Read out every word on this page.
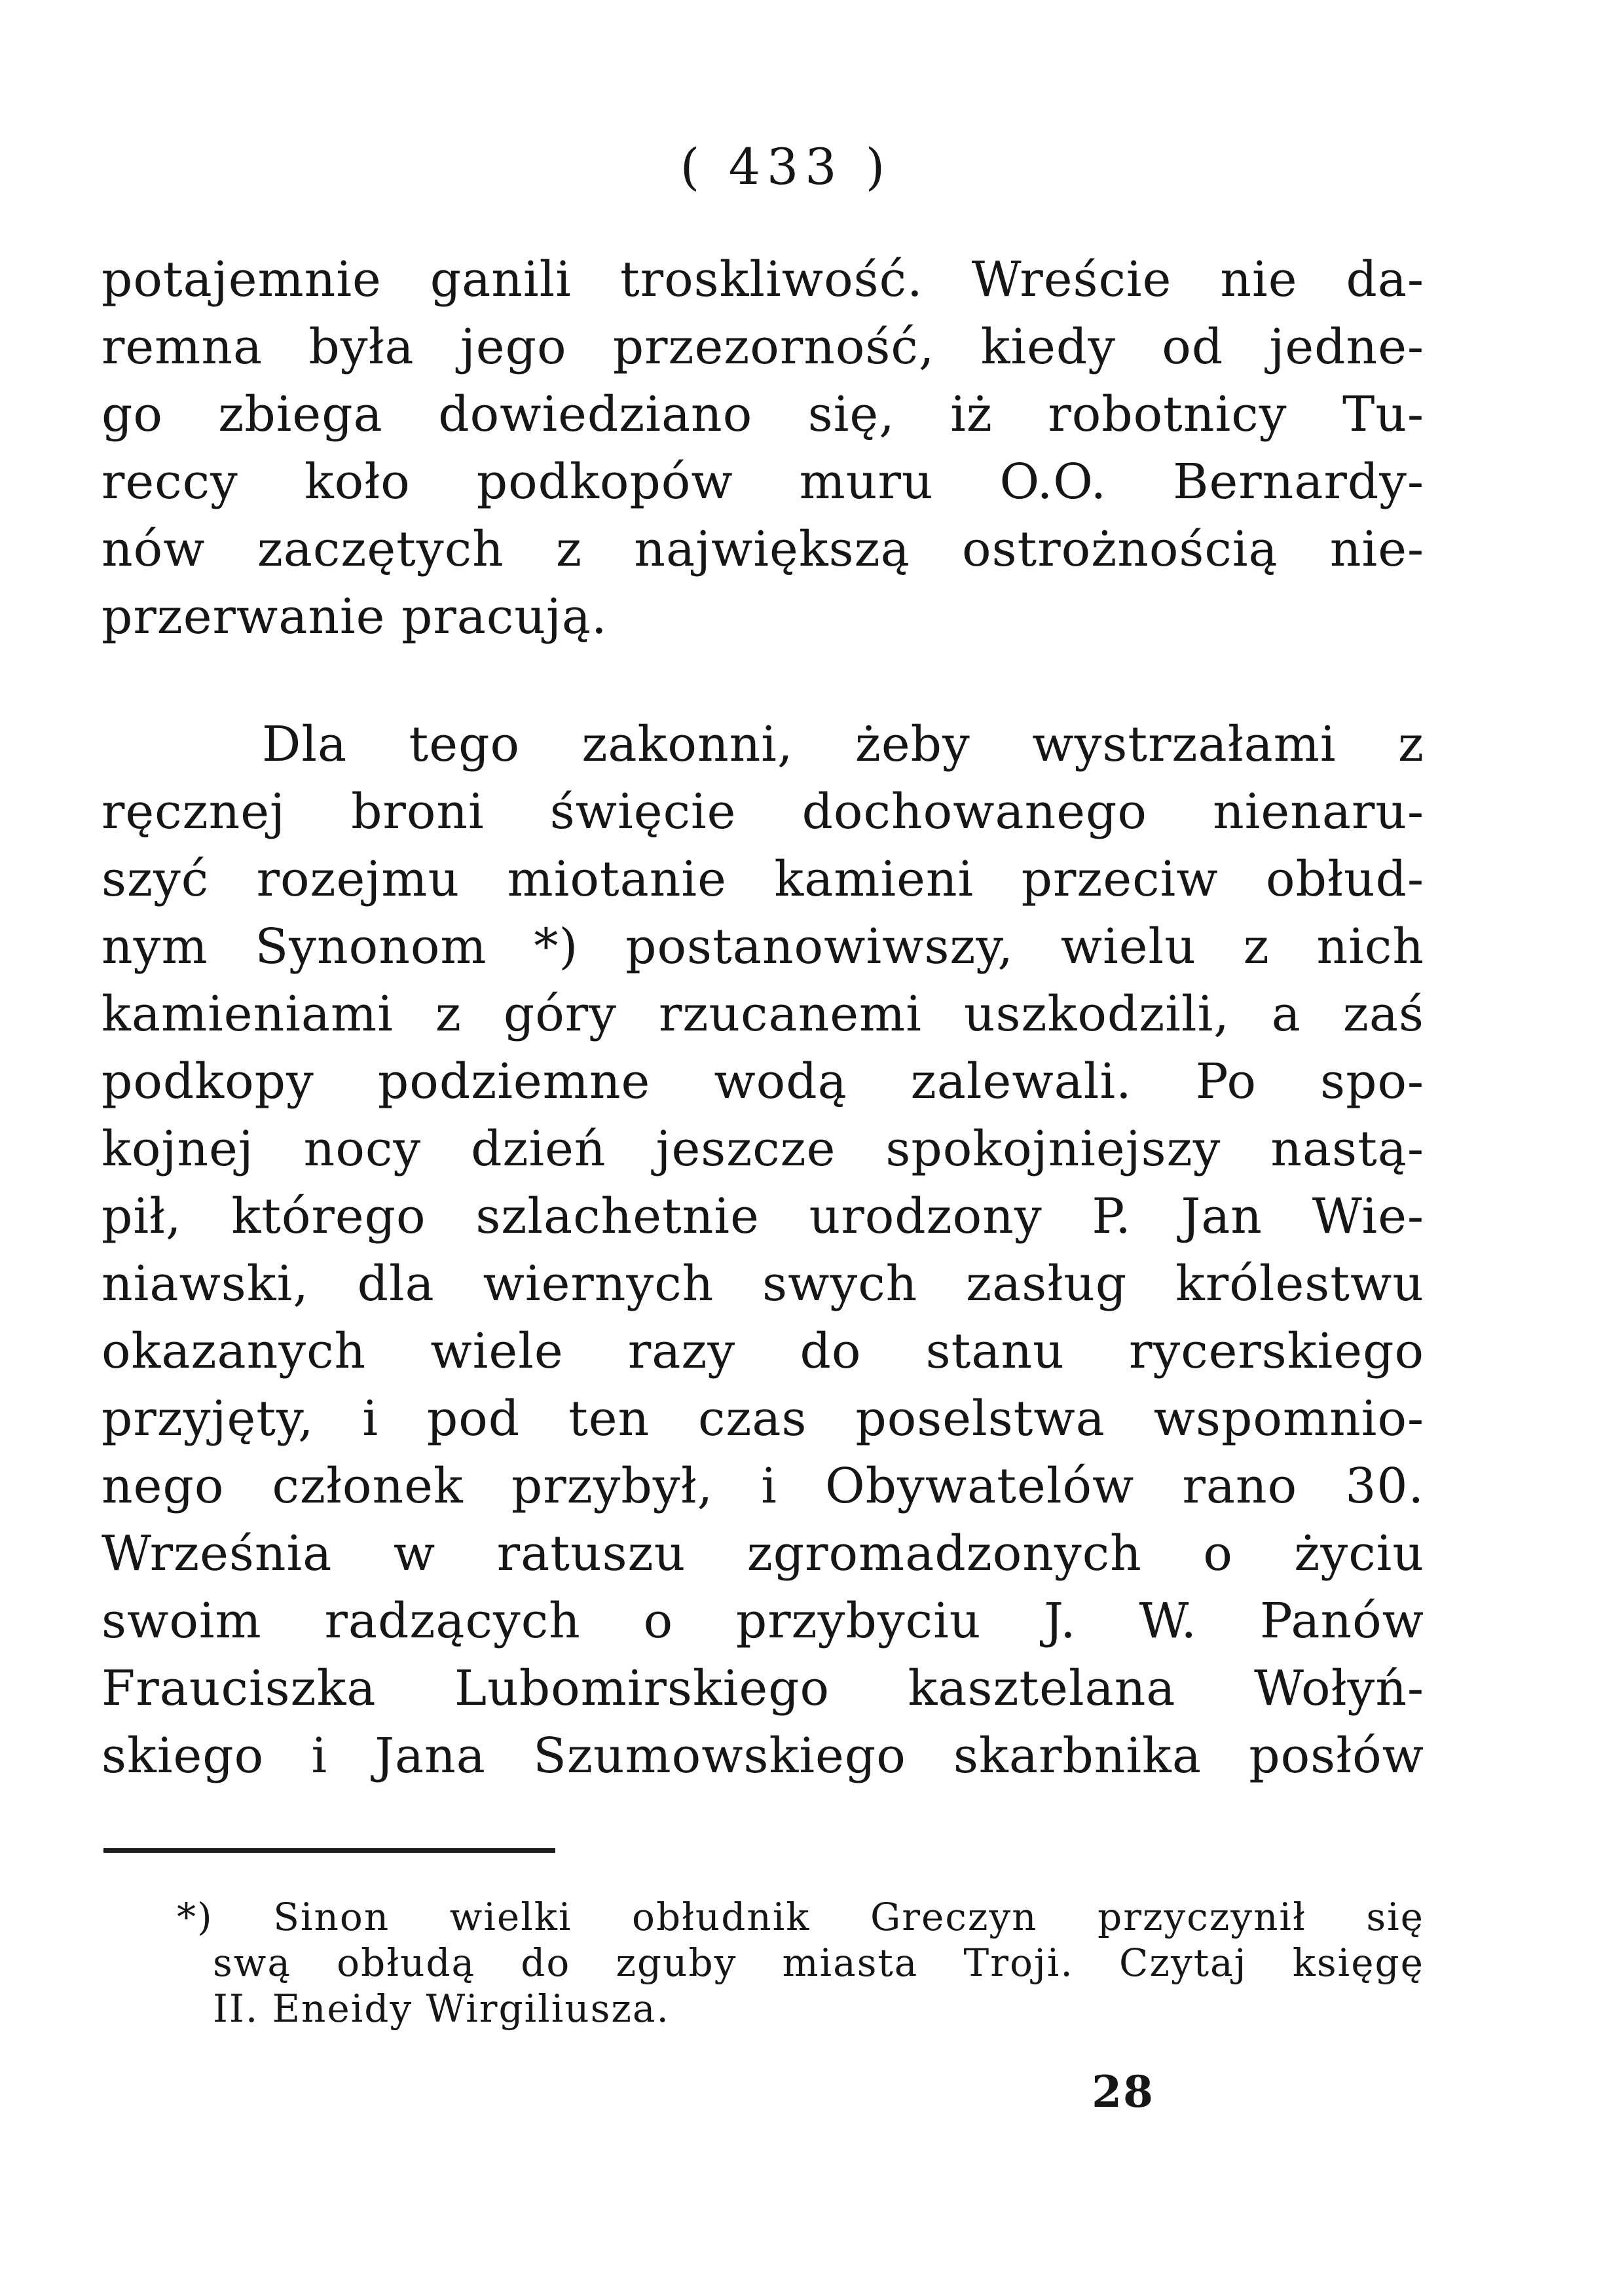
( 433 )
potajemnie ganili troskliwość. Wreście nie da-
remna była jego przezorność, kiedy od jedne-
go zbiega dowiedziano się, iż robotnicy Tu-
reccy koło podkopów muru O.O. Bernardy-
nów zaczętych z największą ostrożnością nie-
przerwanie pracują.
Dla tego zakonni, żeby wystrzałami z
ręcznej broni święcie dochowanego nienaru-
szyć rozejmu miotanie kamieni przeciw obłud-
nym Synonom *) postanowiwszy, wielu z nich
kamieniami z góry rzucanemi uszkodzili, a zaś
podkopy podziemne wodą zalewali. Po spo-
kojnej nocy dzień jeszcze spokojniejszy nastą-
pił, którego szlachetnie urodzony P. Jan Wie-
niawski, dla wiernych swych zasług królestwu
okazanych wiele razy do stanu rycerskiego
przyjęty, i pod ten czas poselstwa wspomnio-
nego członek przybył, i Obywatelów rano 30.
Września w ratuszu zgromadzonych o życiu
swoim radzących o przybyciu J. W. Panów
Frauciszka Lubomirskiego kasztelana Wołyń-
skiego i Jana Szumowskiego skarbnika posłów
*) Sinon wielki obłudnik Greczyn przyczynił się
swą obłudą do zguby miasta Troji. Czytaj księgę
II. Eneidy Wirgiliusza.
28
